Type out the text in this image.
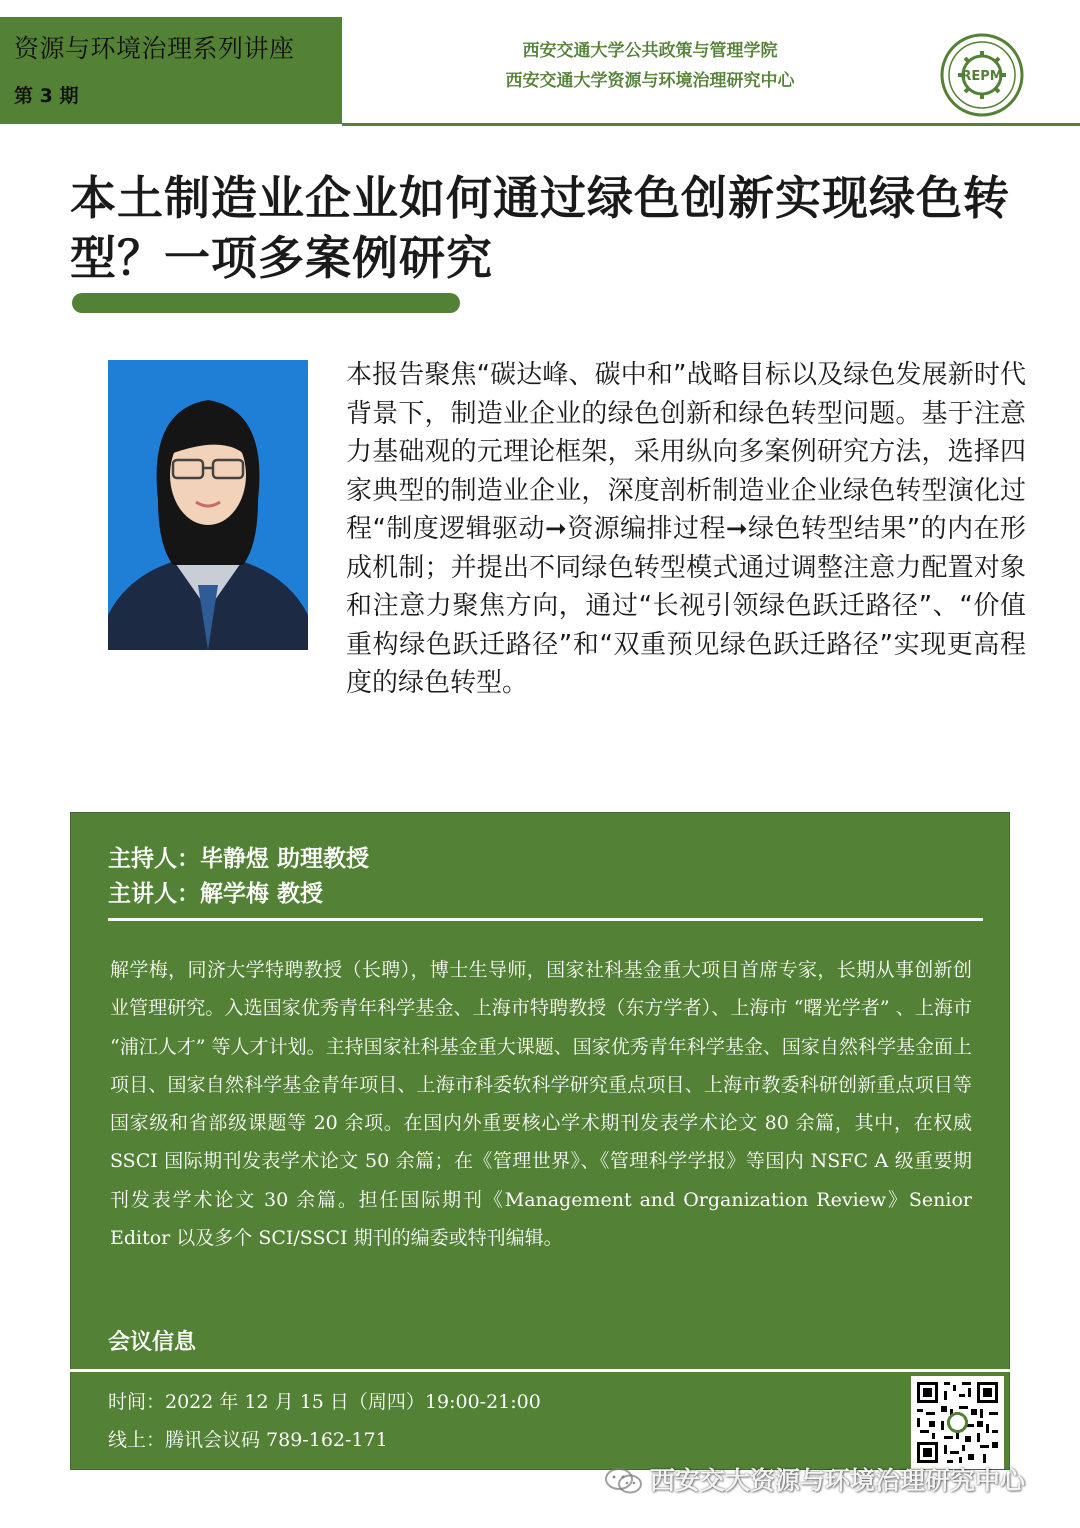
资源与环境治理系列讲座
第 3 期
西安交通大学公共政策与管理学院
西安交通大学资源与环境治理研究中心	REPM
本土制造业企业如何通过绿色创新实现绿色转型？一项多案例研究
本报告聚焦“碳达峰、碳中和”战略目标以及绿色发展新时代背景下，制造业企业的绿色创新和绿色转型问题。基于注意力基础观的元理论框架，采用纵向多案例研究方法，选择四家典型的制造业企业，深度剖析制造业企业绿色转型演化过程“制度逻辑驱动➞资源编排过程➞绿色转型结果”的内在形成机制；并提出不同绿色转型模式通过调整注意力配置对象和注意力聚焦方向，通过“长视引领绿色跃迁路径”、“价值重构绿色跃迁路径”和“双重预见绿色跃迁路径”实现更高程度的绿色转型。
主持人：毕静煜 助理教授
主讲人：解学梅 教授
解学梅，同济大学特聘教授（长聘），博士生导师，国家社科基金重大项目首席专家，长期从事创新创业管理研究。入选国家优秀青年科学基金、上海市特聘教授（东方学者）、上海市 “曙光学者” 、上海市 “浦江人才” 等人才计划。主持国家社科基金重大课题、国家优秀青年科学基金、国家自然科学基金面上项目、国家自然科学基金青年项目、上海市科委软科学研究重点项目、上海市教委科研创新重点项目等国家级和省部级课题等 20 余项。在国内外重要核心学术期刊发表学术论文 80 余篇，其中，在权威 SSCI 国际期刊发表学术论文 50 余篇；在《管理世界》、《管理科学学报》等国内 NSFC A 级重要期刊发表学术论文 30 余篇。担任国际期刊《Management and Organization Review》Senior Editor 以及多个 SCI/SSCI 期刊的编委或特刊编辑。
会议信息
时间：2022 年 12 月 15 日（周四）19:00-21:00
线上：腾讯会议码 789-162-171
西安交大资源与环境治理研究中心
